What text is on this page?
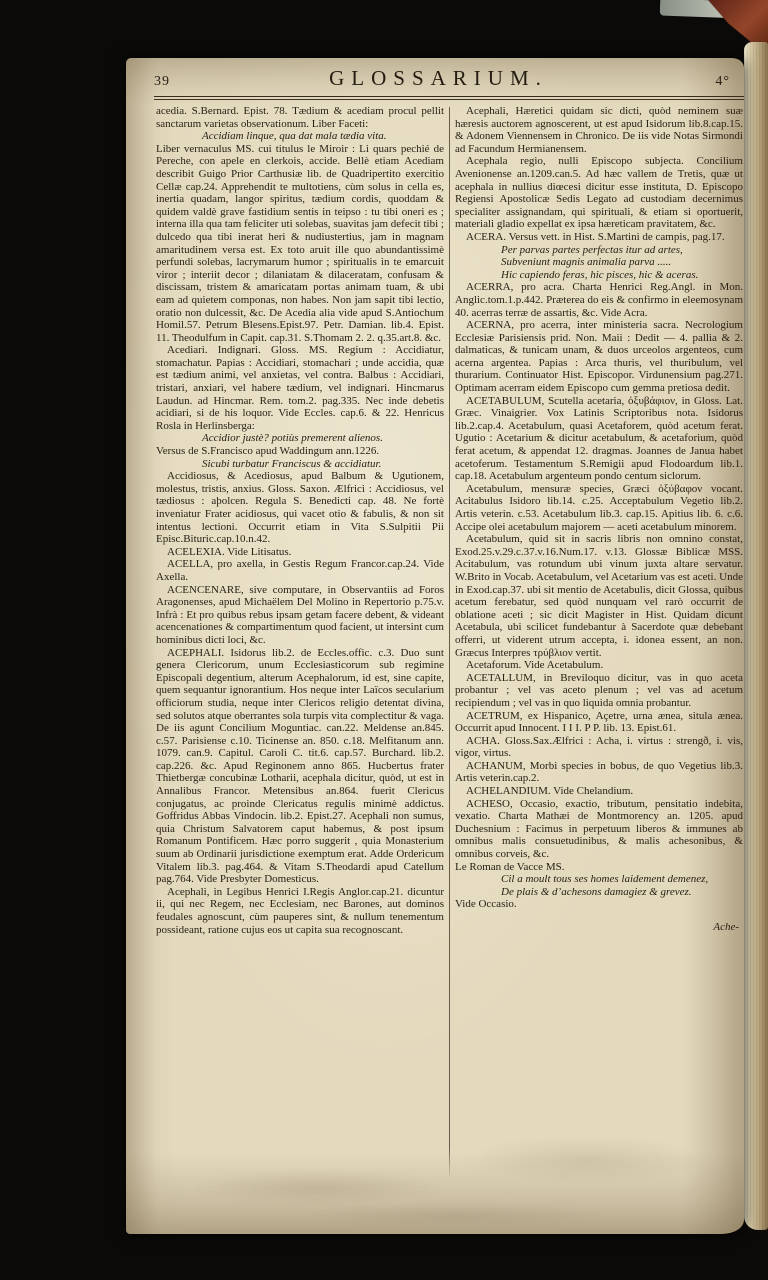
39	GLOSSARIUM.	4°

acedia. S.Bernard. Epist. 78. Tædium & acediam procul pellit sanctarum varietas observationum. Liber Faceti:

Accidiam linque, qua dat mala tædia vita.

Liber vernaculus MS. cui titulus le Miroir : Li quars pechié de Pereche, con apele en clerkois, accide. Bellè etiam Acediam describit Guigo Prior Carthusiæ lib. de Quadripertito exercitio Cellæ cap.24. Apprehendit te multotiens, cùm solus in cella es, inertia quadam, langor spiritus, tædium cordis, quoddam & quidem valdè grave fastidium sentis in teipso : tu tibi oneri es ; interna illa qua tam feliciter uti solebas, suavitas jam defecit tibi ; dulcedo qua tibi inerat heri & nudiustertius, jam in magnam amaritudinem versa est. Ex toto aruit ille quo abundantissimè perfundi solebas, lacrymarum humor ; spiritualis in te emarcuit viror ; interiit decor ; dilaniatam & dilaceratam, confusam & discissam, tristem & amaricatam portas animam tuam, & ubi eam ad quietem componas, non habes. Non jam sapit tibi lectio, oratio non dulcessit, &c. De Acedia alia vide apud S.Antiochum Homil.57. Petrum Blesens.Epist.97. Petr. Damian. lib.4. Epist. 11. Theodulfum in Capit. cap.31. S.Thomam 2. 2. q.35.art.8. &c.

Acediari. Indignari. Gloss. MS. Regium : Accidiatur, stomachatur. Papias : Accidiari, stomachari ; unde accidia, quæ est tædium animi, vel anxietas, vel contra. Balbus : Accidiari, tristari, anxiari, vel habere tædium, vel indignari. Hincmarus Laudun. ad Hincmar. Rem. tom.2. pag.335. Nec inde debetis acidiari, si de his loquor. Vide Eccles. cap.6. & 22. Henricus Rosla in Herlinsberga:

Accidior justè? potiùs premerent alienos.

Versus de S.Francisco apud Waddingum ann.1226.

Sicubi turbatur Franciscus & accidiatur.

Accidiosus, & Acediosus, apud Balbum & Ugutionem, molestus, tristis, anxius. Gloss. Saxon. Ælfrici : Accidiosus, vel tædiosus : aþolcen. Regula S. Benedicti cap. 48. Ne fortè inveniatur Frater acidiosus, qui vacet otio & fabulis, & non sit intentus lectioni. Occurrit etiam in Vita S.Sulpitii Pii Episc.Bituric.cap.10.n.42.

ACELEXIA. Vide Litisatus.

ACELLA, pro axella, in Gestis Regum Francor.cap.24. Vide Axella.

ACENCENARE, sive computare, in Observantiis ad Foros Aragonenses, apud Michaëlem Del Molino in Repertorio p.75.v. Infrà : Et pro quibus rebus ipsam getam facere debent, & videant acencenationes & compartimentum quod facient, ut intersint cum hominibus dicti loci, &c.

ACEPHALI. Isidorus lib.2. de Eccles.offic. c.3. Duo sunt genera Clericorum, unum Ecclesiasticorum sub regimine Episcopali degentium, alterum Acephalorum, id est, sine capite, quem sequantur ignorantium. Hos neque inter Laïcos secularium officiorum studia, neque inter Clericos religio detentat divina, sed solutos atque oberrantes sola turpis vita complectitur & vaga. De iis agunt Concilium Moguntiac. can.22. Meldense an.845. c.57. Parisiense c.10. Ticinense an. 850. c.18. Melfitanum ann. 1079. can.9. Capitul. Caroli C. tit.6. cap.57. Burchard. lib.2. cap.226. &c. Apud Reginonem anno 865. Hucbertus frater Thietbergæ concubinæ Lotharii, acephala dicitur, quòd, ut est in Annalibus Francor. Metensibus an.864. fuerit Clericus conjugatus, ac proinde Clericatus regulis minimè addictus. Goffridus Abbas Vindocin. lib.2. Epist.27. Acephali non sumus, quia Christum Salvatorem caput habemus, & post ipsum Romanum Pontificem. Hæc porro suggerit , quia Monasterium suum ab Ordinarii jurisdictione exemptum erat. Adde Ordericum Vitalem lib.3. pag.464. & Vitam S.Theodardi apud Catellum pag.764. Vide Presbyter Domesticus.

Acephali, in Legibus Henrici I.Regis Anglor.cap.21. dicuntur ii, qui nec Regem, nec Ecclesiam, nec Barones, aut dominos feudales agnoscunt, cùm pauperes sint, & nullum tenementum possideant, ratione cujus eos ut capita sua recognoscant.

Acephali, Hæretici quidam sic dicti, quòd neminem suæ hæresis auctorem agnoscerent, ut est apud Isidorum lib.8.cap.15. & Adonem Viennensem in Chronico. De iis vide Notas Sirmondi ad Facundum Hermianensem.

Acephala regio, nulli Episcopo subjecta. Concilium Avenionense an.1209.can.5. Ad hæc vallem de Tretis, quæ ut acephala in nullius diœcesi dicitur esse instituta, D. Episcopo Regiensi Apostolicæ Sedis Legato ad custodiam decernimus specialiter assignandam, qui spirituali, & etiam si oportuerit, materiali gladio expellat ex ipsa hæreticam pravitatem, &c.

ACERA. Versus vett. in Hist. S.Martini de campis, pag.17.

Per parvas partes perfectas itur ad artes,

Subveniunt magnis animalia parva .....

Hic capiendo feras, hic pisces, hic & aceras.

ACERRA, pro acra. Charta Henrici Reg.Angl. in Mon. Anglic.tom.1.p.442. Præterea do eis & confirmo in eleemosynam 40. acerras terræ de assartis, &c. Vide Acra.

ACERNA, pro acerra, inter ministeria sacra. Necrologium Ecclesiæ Parisiensis prid. Non. Maii : Dedit — 4. pallia & 2. dalmaticas, & tunicam unam, & duos urceolos argenteos, cum acerna argentea. Papias : Arca thuris, vel thuribulum, vel thurarium. Continuator Hist. Episcopor. Virdunensium pag.271. Optimam acerram eidem Episcopo cum gemma pretiosa dedit.

ACETABULUM, Scutella acetaria, ὀξυβάφιον, in Gloss. Lat. Græc. Vinaigrier. Vox Latinis Scriptoribus nota. Isidorus lib.2.cap.4. Acetabulum, quasi Acetaforem, quòd acetum ferat. Ugutio : Acetarium & dicitur acetabulum, & acetaforium, quòd ferat acetum, & appendat 12. dragmas. Joannes de Janua habet acetoferum. Testamentum S.Remigii apud Flodoardum lib.1. cap.18. Acetabulum argenteum pondo centum siclorum.

Acetabulum, mensuræ species, Græci ὀξύβαφον vocant. Acitabulus Isidoro lib.14. c.25. Acceptabulum Vegetio lib.2. Artis veterin. c.53. Acetabulum lib.3. cap.15. Apitius lib. 6. c.6. Accipe olei acetabulum majorem — aceti acetabulum minorem.

Acetabulum, quid sit in sacris libris non omnino constat, Exod.25.v.29.c.37.v.16.Num.17. v.13. Glossæ Biblicæ MSS. Acitabulum, vas rotundum ubi vinum juxta altare servatur. W.Brito in Vocab. Acetabulum, vel Acetarium vas est aceti. Unde in Exod.cap.37. ubi sit mentio de Acetabulis, dicit Glossa, quibus acetum ferebatur, sed quòd nunquam vel rarò occurrit de oblatione aceti ; sic dicit Magister in Hist. Quidam dicunt Acetabula, ubi scilicet fundebantur à Sacerdote quæ debebant offerri, ut viderent utrum accepta, i. idonea essent, an non. Græcus Interpres τρύβλιον vertit.

Acetaforum. Vide Acetabulum.

ACETALLUM, in Breviloquo dicitur, vas in quo aceta probantur ; vel vas aceto plenum ; vel vas ad acetum recipiendum ; vel vas in quo liquida omnia probantur.

ACETRUM, ex Hispanico, Açetre, urna ænea, situla ænea. Occurrit apud Innocent. I I I. P P. lib. 13. Epist.61.

ACHA. Gloss.Sax.Ælfrici : Acha, i. virtus : strengð, i. vis, vigor, virtus.

ACHANUM, Morbi species in bobus, de quo Vegetius lib.3. Artis veterin.cap.2.

ACHELANDIUM. Vide Chelandium.

ACHESO, Occasio, exactio, tributum, pensitatio indebita, vexatio. Charta Mathæi de Montmorency an. 1205. apud Duchesnium : Facimus in perpetuum liberos & immunes ab omnibus malis consuetudinibus, & malis achesonibus, & omnibus corveis, &c.

Le Roman de Vacce MS.

Cil a moult tous ses homes laidement demenez,

De plais & d’achesons damagiez & grevez.

Vide Occasio.

Ache-
